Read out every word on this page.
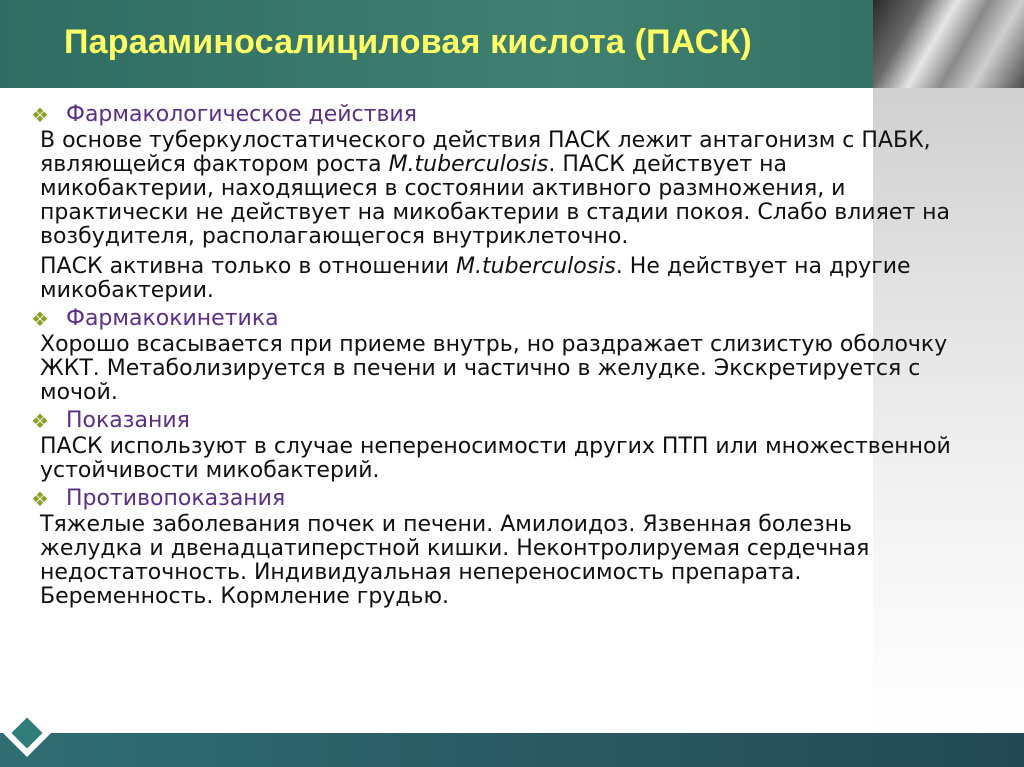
Парааминосалициловая кислота (ПАСК)
❖ Фармакологическое действия
В основе туберкулостатического действия ПАСК лежит антагонизм с ПАБК, являющейся фактором роста M.tuberculosis. ПАСК действует на микобактерии, находящиеся в состоянии активного размножения, и практически не действует на микобактерии в стадии покоя. Слабо влияет на возбудителя, располагающегося внутриклеточно.
ПАСК активна только в отношении M.tuberculosis. Не действует на другие микобактерии.
❖ Фармакокинетика
Хорошо всасывается при приеме внутрь, но раздражает слизистую оболочку ЖКТ. Метаболизируется в печени и частично в желудке. Экскретируется с мочой.
❖ Показания
ПАСК используют в случае непереносимости других ПТП или множественной устойчивости микобактерий.
❖ Противопоказания
Тяжелые заболевания почек и печени. Амилоидоз. Язвенная болезнь желудка и двенадцатиперстной кишки. Неконтролируемая сердечная недостаточность. Индивидуальная непереносимость препарата. Беременность. Кормление грудью.
